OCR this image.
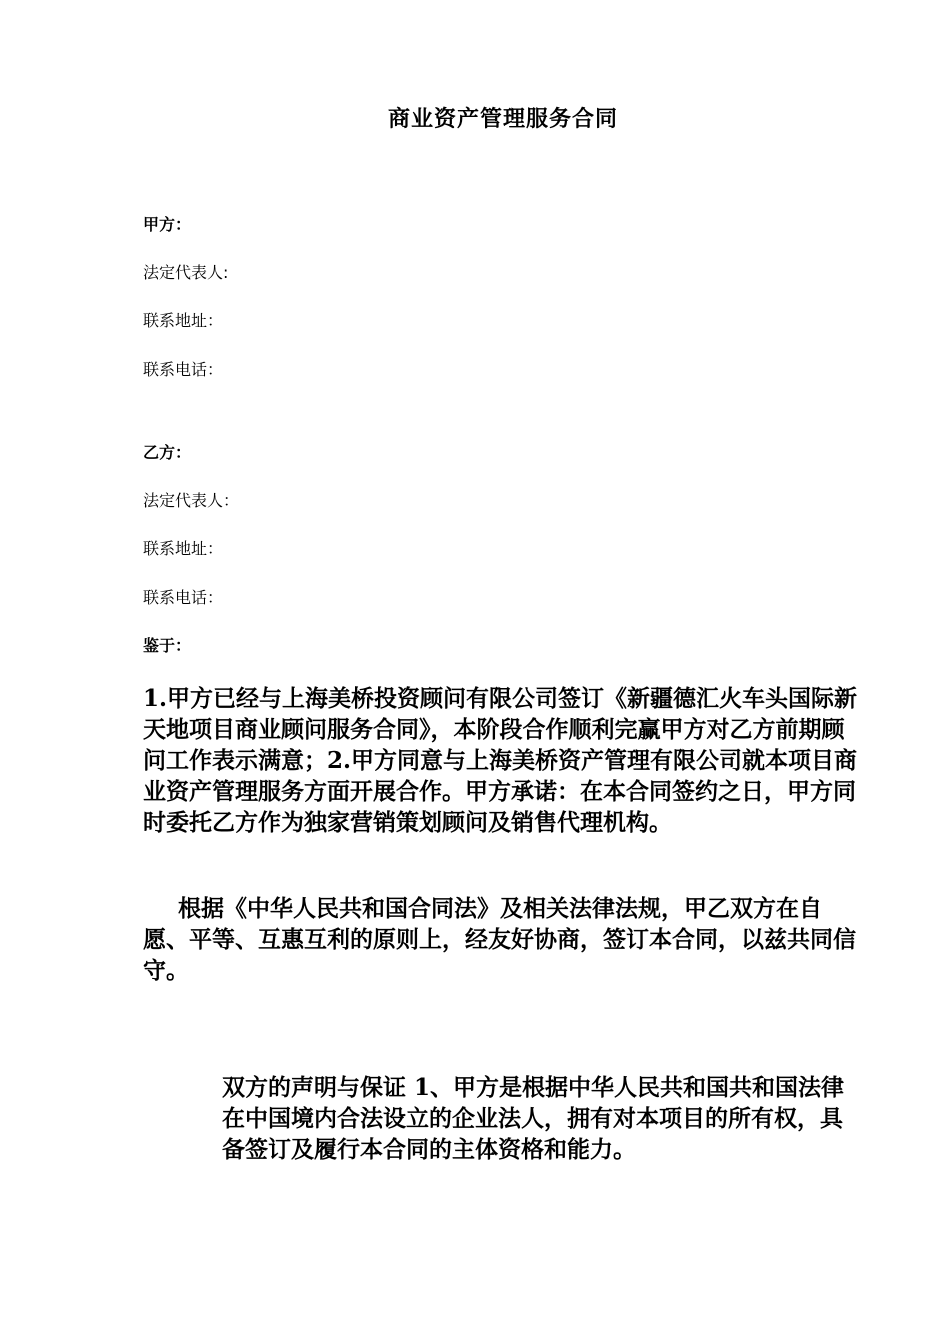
商业资产管理服务合同
甲方：
法定代表人:
联系地址：
联系电话：
乙方：
法定代表人：
联系地址：
联系电话：
鉴于：

1.甲方已经与上海美桥投资顾问有限公司签订《新疆德汇火车头国际新天地项目商业顾问服务合同》，本阶段合作顺利完赢甲方对乙方前期顾问工作表示满意；2.甲方同意与上海美桥资产管理有限公司就本项目商业资产管理服务方面开展合作。甲方承诺：在本合同签约之日，甲方同时委托乙方作为独家营销策划顾问及销售代理机构。

根据《中华人民共和国合同法》及相关法律法规，甲乙双方在自愿、平等、互惠互利的原则上，经友好协商，签订本合同，以兹共同信守。

双方的声明与保证 1、甲方是根据中华人民共和国共和国法律在中国境内合法设立的企业法人，拥有对本项目的所有权，具备签订及履行本合同的主体资格和能力。
